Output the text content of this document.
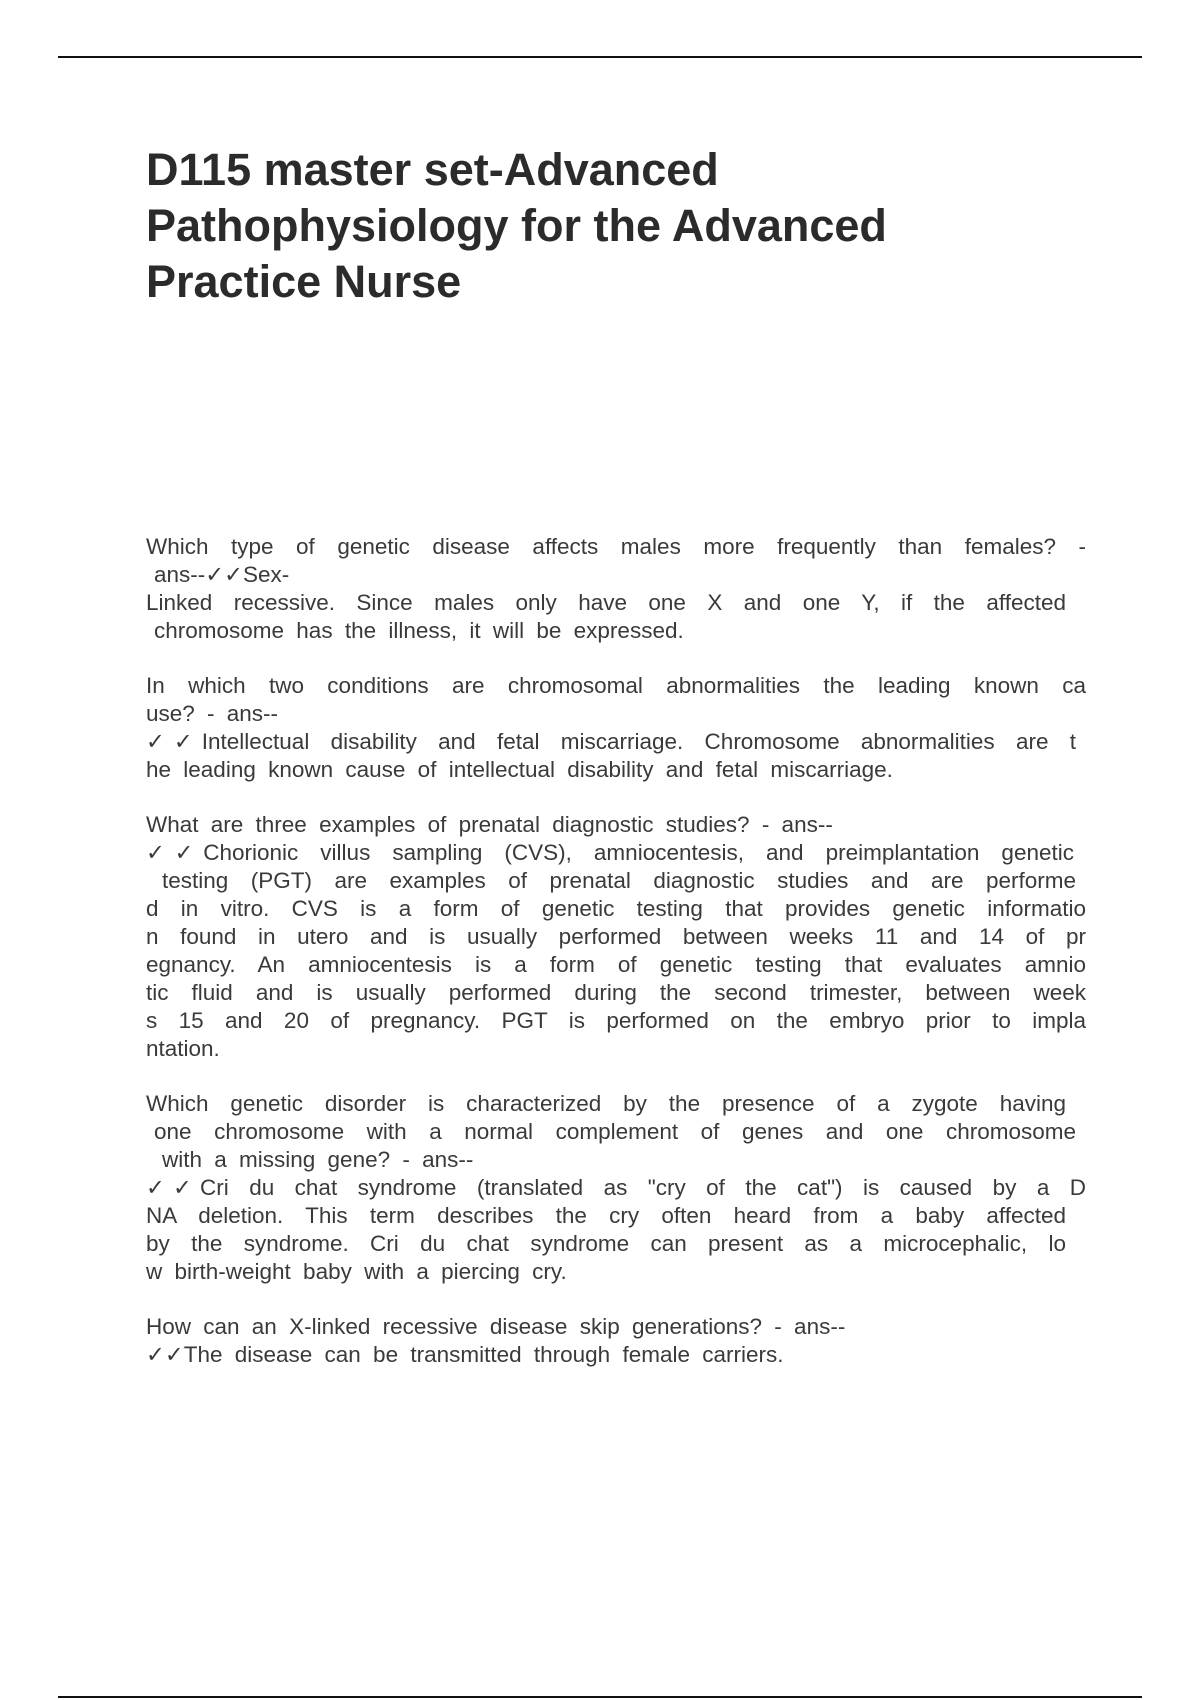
D115 master set-Advanced
Pathophysiology for the Advanced
Practice Nurse
Which type of genetic disease affects males more frequently than females? -
ans--✓✓Sex-
Linked recessive. Since males only have one X and one Y, if the affected
chromosome has the illness, it will be expressed.
In which two conditions are chromosomal abnormalities the leading known ca
use? - ans--
✓✓Intellectual disability and fetal miscarriage. Chromosome abnormalities are t
he leading known cause of intellectual disability and fetal miscarriage.
What are three examples of prenatal diagnostic studies? - ans--
✓✓Chorionic villus sampling (CVS), amniocentesis, and preimplantation genetic
testing (PGT) are examples of prenatal diagnostic studies and are performe
d in vitro. CVS is a form of genetic testing that provides genetic informatio
n found in utero and is usually performed between weeks 11 and 14 of pr
egnancy. An amniocentesis is a form of genetic testing that evaluates amnio
tic fluid and is usually performed during the second trimester, between week
s 15 and 20 of pregnancy. PGT is performed on the embryo prior to impla
ntation.
Which genetic disorder is characterized by the presence of a zygote having
one chromosome with a normal complement of genes and one chromosome
with a missing gene? - ans--
✓✓Cri du chat syndrome (translated as "cry of the cat") is caused by a D
NA deletion. This term describes the cry often heard from a baby affected
by the syndrome. Cri du chat syndrome can present as a microcephalic, lo
w birth-weight baby with a piercing cry.
How can an X-linked recessive disease skip generations? - ans--
✓✓The disease can be transmitted through female carriers.
